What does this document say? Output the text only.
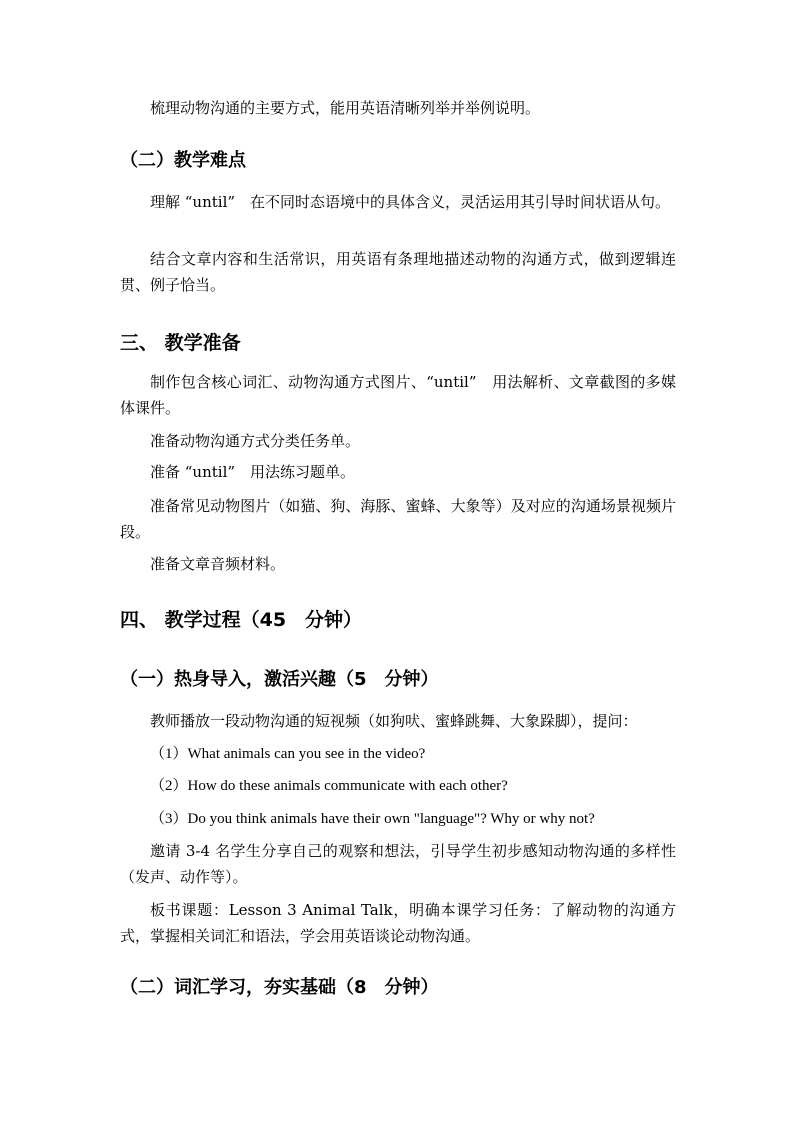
梳理动物沟通的主要方式，能用英语清晰列举并举例说明。
（二）教学难点
理解 “until”　在不同时态语境中的具体含义，灵活运用其引导时间状语从句。
结合文章内容和生活常识，用英语有条理地描述动物的沟通方式，做到逻辑连贯、例子恰当。
三、 教学准备
制作包含核心词汇、动物沟通方式图片、“until”　用法解析、文章截图的多媒体课件。
准备动物沟通方式分类任务单。
准备 “until”　用法练习题单。
准备常见动物图片（如猫、狗、海豚、蜜蜂、大象等）及对应的沟通场景视频片段。
准备文章音频材料。
四、 教学过程（45　分钟）
（一）热身导入，激活兴趣（5　分钟）
教师播放一段动物沟通的短视频（如狗吠、蜜蜂跳舞、大象跺脚），提问：
（1）What animals can you see in the video?
（2）How do these animals communicate with each other?
（3）Do you think animals have their own "language"? Why or why not?
邀请 3-4 名学生分享自己的观察和想法，引导学生初步感知动物沟通的多样性（发声、动作等）。
板书课题：Lesson 3 Animal Talk，明确本课学习任务：了解动物的沟通方式，掌握相关词汇和语法，学会用英语谈论动物沟通。
（二）词汇学习，夯实基础（8　分钟）
